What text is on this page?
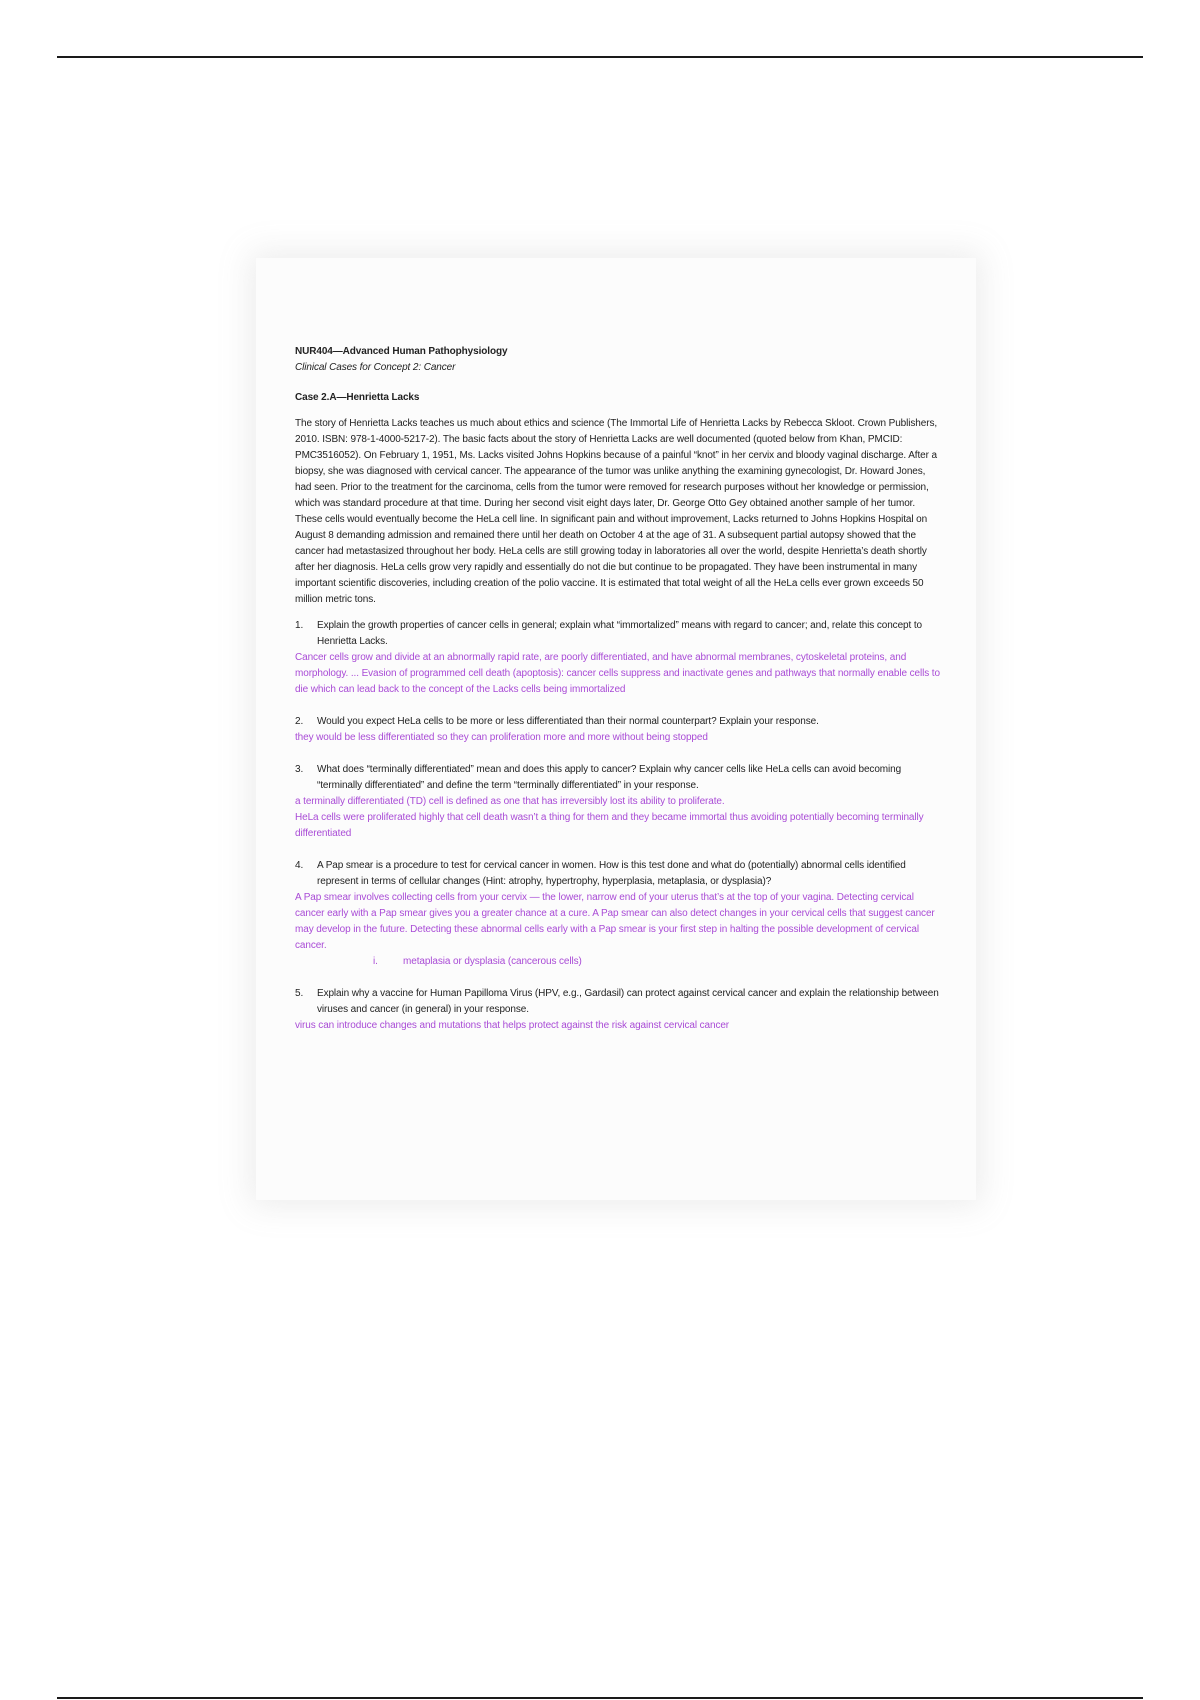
NUR404—Advanced Human Pathophysiology

Clinical Cases for Concept 2: Cancer

Case 2.A—Henrietta Lacks

The story of Henrietta Lacks teaches us much about ethics and science (The Immortal Life of Henrietta Lacks by Rebecca Skloot. Crown Publishers, 2010. ISBN: 978-1-4000-5217-2). The basic facts about the story of Henrietta Lacks are well documented (quoted below from Khan, PMCID: PMC3516052). On February 1, 1951, Ms. Lacks visited Johns Hopkins because of a painful “knot” in her cervix and bloody vaginal discharge. After a biopsy, she was diagnosed with cervical cancer. The appearance of the tumor was unlike anything the examining gynecologist, Dr. Howard Jones, had seen. Prior to the treatment for the carcinoma, cells from the tumor were removed for research purposes without her knowledge or permission, which was standard procedure at that time. During her second visit eight days later, Dr. George Otto Gey obtained another sample of her tumor. These cells would eventually become the HeLa cell line. In significant pain and without improvement, Lacks returned to Johns Hopkins Hospital on August 8 demanding admission and remained there until her death on October 4 at the age of 31. A subsequent partial autopsy showed that the cancer had metastasized throughout her body. HeLa cells are still growing today in laboratories all over the world, despite Henrietta’s death shortly after her diagnosis. HeLa cells grow very rapidly and essentially do not die but continue to be propagated. They have been instrumental in many important scientific discoveries, including creation of the polio vaccine. It is estimated that total weight of all the HeLa cells ever grown exceeds 50 million metric tons.

1.	Explain the growth properties of cancer cells in general; explain what “immortalized” means with regard to cancer; and, relate this concept to Henrietta Lacks.

Cancer cells grow and divide at an abnormally rapid rate, are poorly differentiated, and have abnormal membranes, cytoskeletal proteins, and morphology. ... Evasion of programmed cell death (apoptosis): cancer cells suppress and inactivate genes and pathways that normally enable cells to die which can lead back to the concept of the Lacks cells being immortalized

2.	Would you expect HeLa cells to be more or less differentiated than their normal counterpart? Explain your response.

they would be less differentiated so they can proliferation more and more without being stopped

3.	What does “terminally differentiated” mean and does this apply to cancer? Explain why cancer cells like HeLa cells can avoid becoming “terminally differentiated” and define the term “terminally differentiated” in your response.

a terminally differentiated (TD) cell is defined as one that has irreversibly lost its ability to proliferate.

HeLa cells were proliferated highly that cell death wasn’t a thing for them and they became immortal thus avoiding potentially becoming terminally differentiated

4.	A Pap smear is a procedure to test for cervical cancer in women. How is this test done and what do (potentially) abnormal cells identified represent in terms of cellular changes (Hint: atrophy, hypertrophy, hyperplasia, metaplasia, or dysplasia)?

A Pap smear involves collecting cells from your cervix — the lower, narrow end of your uterus that’s at the top of your vagina. Detecting cervical cancer early with a Pap smear gives you a greater chance at a cure. A Pap smear can also detect changes in your cervical cells that suggest cancer may develop in the future. Detecting these abnormal cells early with a Pap smear is your first step in halting the possible development of cervical cancer.

i.	metaplasia or dysplasia (cancerous cells)
5.	Explain why a vaccine for Human Papilloma Virus (HPV, e.g., Gardasil) can protect against cervical cancer and explain the relationship between viruses and cancer (in general) in your response.

virus can introduce changes and mutations that helps protect against the risk against cervical cancer
